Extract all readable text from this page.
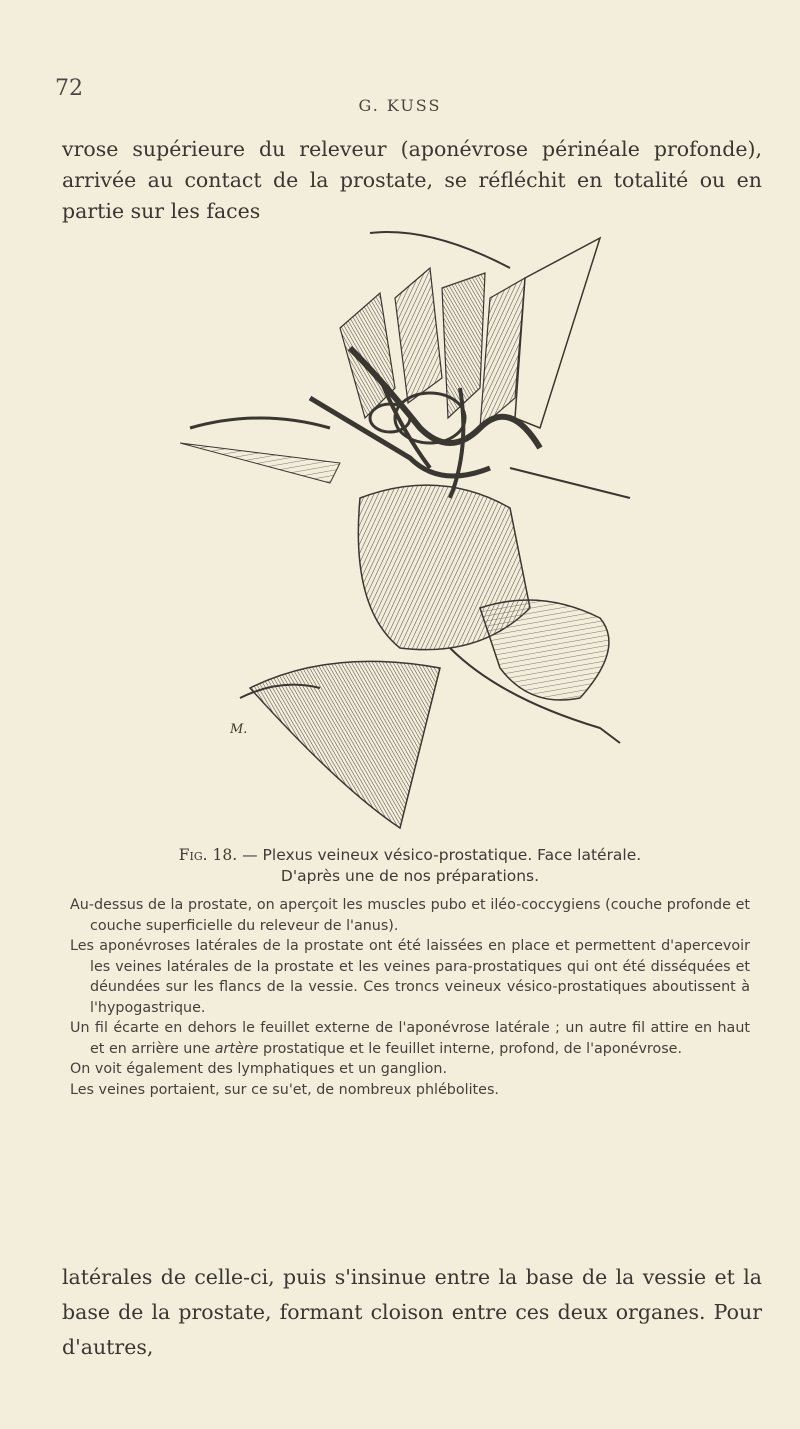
72
G. KUSS

vrose supérieure du releveur (aponévrose périnéale profonde), arrivée au contact de la prostate, se réfléchit en totalité ou en partie sur les faces

M.
Fig. 18. — Plexus veineux vésico-prostatique. Face latérale.
D'après une de nos préparations.

Au-dessus de la prostate, on aperçoit les muscles pubo et iléo-coccygiens (couche profonde et couche superficielle du releveur de l'anus).

Les aponévroses latérales de la prostate ont été laissées en place et permettent d'apercevoir les veines latérales de la prostate et les veines para-prostatiques qui ont été disséquées et déundées sur les flancs de la vessie. Ces troncs veineux vésico-prostatiques aboutissent à l'hypogastrique.

Un fil écarte en dehors le feuillet externe de l'aponévrose latérale ; un autre fil attire en haut et en arrière une artère prostatique et le feuillet interne, profond, de l'aponévrose.

On voit également des lymphatiques et un ganglion.

Les veines portaient, sur ce su'et, de nombreux phlébolites.

latérales de celle-ci, puis s'insinue entre la base de la vessie et la base de la prostate, formant cloison entre ces deux organes. Pour d'autres,
